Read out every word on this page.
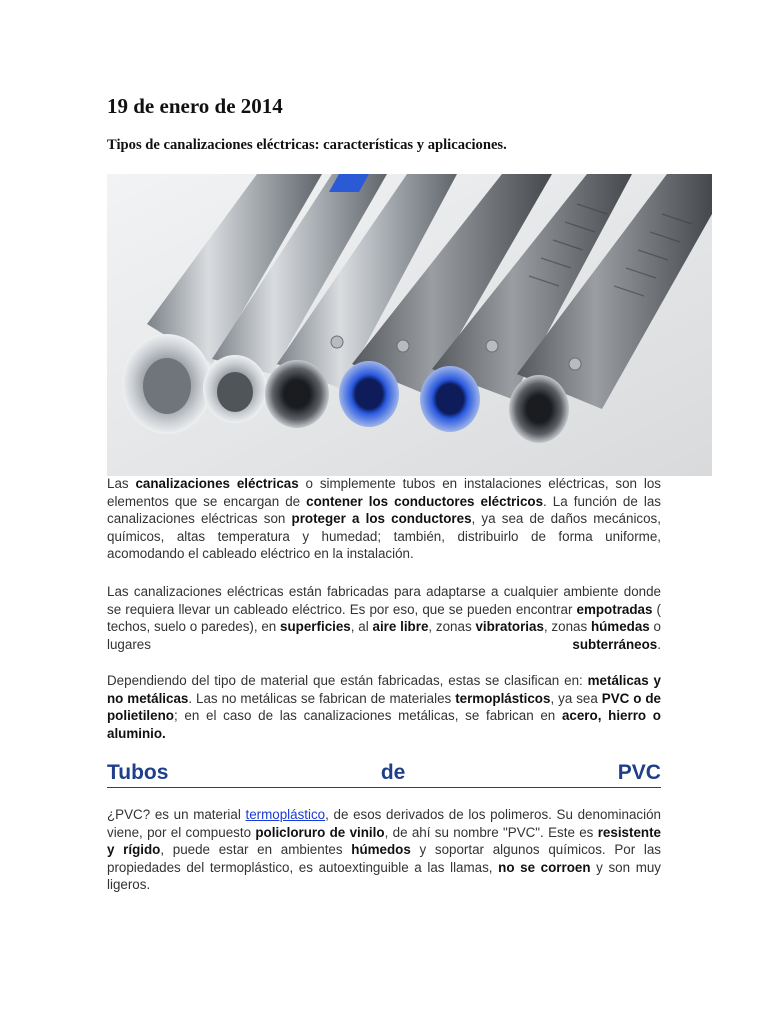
19 de enero de 2014
Tipos de canalizaciones eléctricas: características y aplicaciones.

Las canalizaciones eléctricas o simplemente tubos en instalaciones eléctricas, son los elementos que se encargan de contener los conductores eléctricos. La función de las canalizaciones eléctricas son proteger a los conductores, ya sea de daños mecánicos, químicos, altas temperatura y humedad; también, distribuirlo de forma uniforme, acomodando el cableado eléctrico en la instalación.

Las canalizaciones eléctricas están fabricadas para adaptarse a cualquier ambiente donde se requiera llevar un cableado eléctrico. Es por eso, que se pueden encontrar empotradas ( techos, suelo o paredes), en superficies, al aire libre, zonas vibratorias, zonas húmedas o lugares subterráneos.

Dependiendo del tipo de material que están fabricadas, estas se clasifican en: metálicas y no metálicas. Las no metálicas se fabrican de materiales termoplásticos, ya sea PVC o de polietileno; en el caso de las canalizaciones metálicas, se fabrican en acero, hierro o aluminio.

Tubos	de	PVC

¿PVC? es un material termoplástico, de esos derivados de los polimeros. Su denominación viene, por el compuesto policloruro de vinilo, de ahí su nombre "PVC". Este es resistente y rígido, puede estar en ambientes húmedos y soportar algunos químicos. Por las propiedades del termoplástico, es autoextinguible a las llamas, no se corroen y son muy ligeros.
